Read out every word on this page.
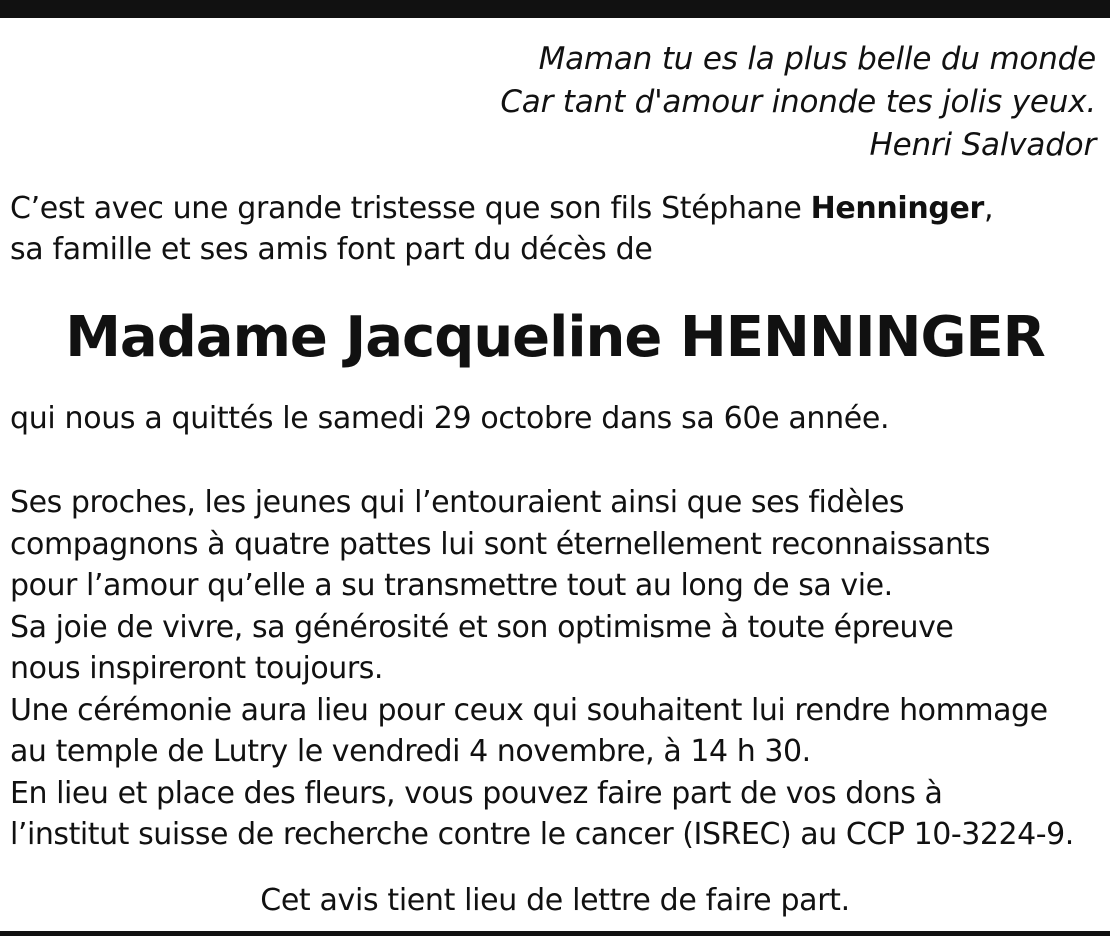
Maman tu es la plus belle du monde
Car tant d'amour inonde tes jolis yeux.
Henri Salvador
C’est avec une grande tristesse que son fils Stéphane Henninger,
sa famille et ses amis font part du décès de
Madame Jacqueline HENNINGER
qui nous a quittés le samedi 29 octobre dans sa 60e année.
Ses proches, les jeunes qui l’entouraient ainsi que ses fidèles
compagnons à quatre pattes lui sont éternellement reconnaissants
pour l’amour qu’elle a su transmettre tout au long de sa vie.
Sa joie de vivre, sa générosité et son optimisme à toute épreuve
nous inspireront toujours.
Une cérémonie aura lieu pour ceux qui souhaitent lui rendre hommage
au temple de Lutry le vendredi 4 novembre, à 14 h 30.
En lieu et place des fleurs, vous pouvez faire part de vos dons à
l’institut suisse de recherche contre le cancer (ISREC) au CCP 10-3224-9.
Cet avis tient lieu de lettre de faire part.
